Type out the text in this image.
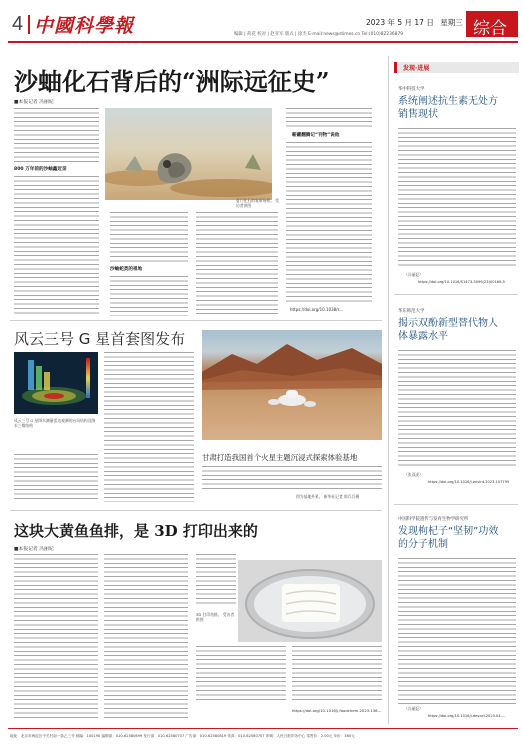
4 中國科學報	2023 年 5 月 17 日 星期三
编辑 | 荷花 校对 | 赵亚军 版式 | 徐杰 E-mail:news@stimes.cn Tel:(010)82236879	综合
沙蚰化石背后的“洲际远征史”
■本报记者 冯丽妃
800 万年前的沙蚰鑫近亲
夏门化石的复原场景。 受访者供图
沙蚰蛇类的祖地
蕲藏翻腾记“刊物”说他
https://doi.org/10.1038/s...
风云三号 G 星首套图发布
风云三号 G 星降水测量雷达观测的台风结构及降水三维结构
甘肃打造我国首个火星主题沉浸式探索体验基地
图为基地外景。 新华社记者 郎兵兵摄
这块大黄鱼鱼排，是 3D 打印出来的
■本报记者 冯丽妃
3D 打印鱼排。 受访者供图
https://doi.org/10.1016/j.foodchem.2023.136...
发现·进展
华中科技大学
系统阐述抗生素无处方销售现状
（冯丽妃）
https://doi.org/10.1016/S1473-3099(23)00169-5
华东师范大学
揭示双酚新型替代物人体暴露水平
（张双虎）
https://doi.org/10.1016/j.envint.2023.107795
中国科学院遗传与发育生物学研究所
发现枸杞子“坚韧”功效的分子机制
（冯丽妃）
https://doi.org/10.1016/j.devcel.2023.04....
地址：北京市海淀区中关村南一条乙三号 邮编：100190 编辑部：010-62580699 发行部：010-62580707 广告部：010-62580819 传真：010-62580707 印刷：人民日报印务中心 零售价：2.00元 年价：360元
